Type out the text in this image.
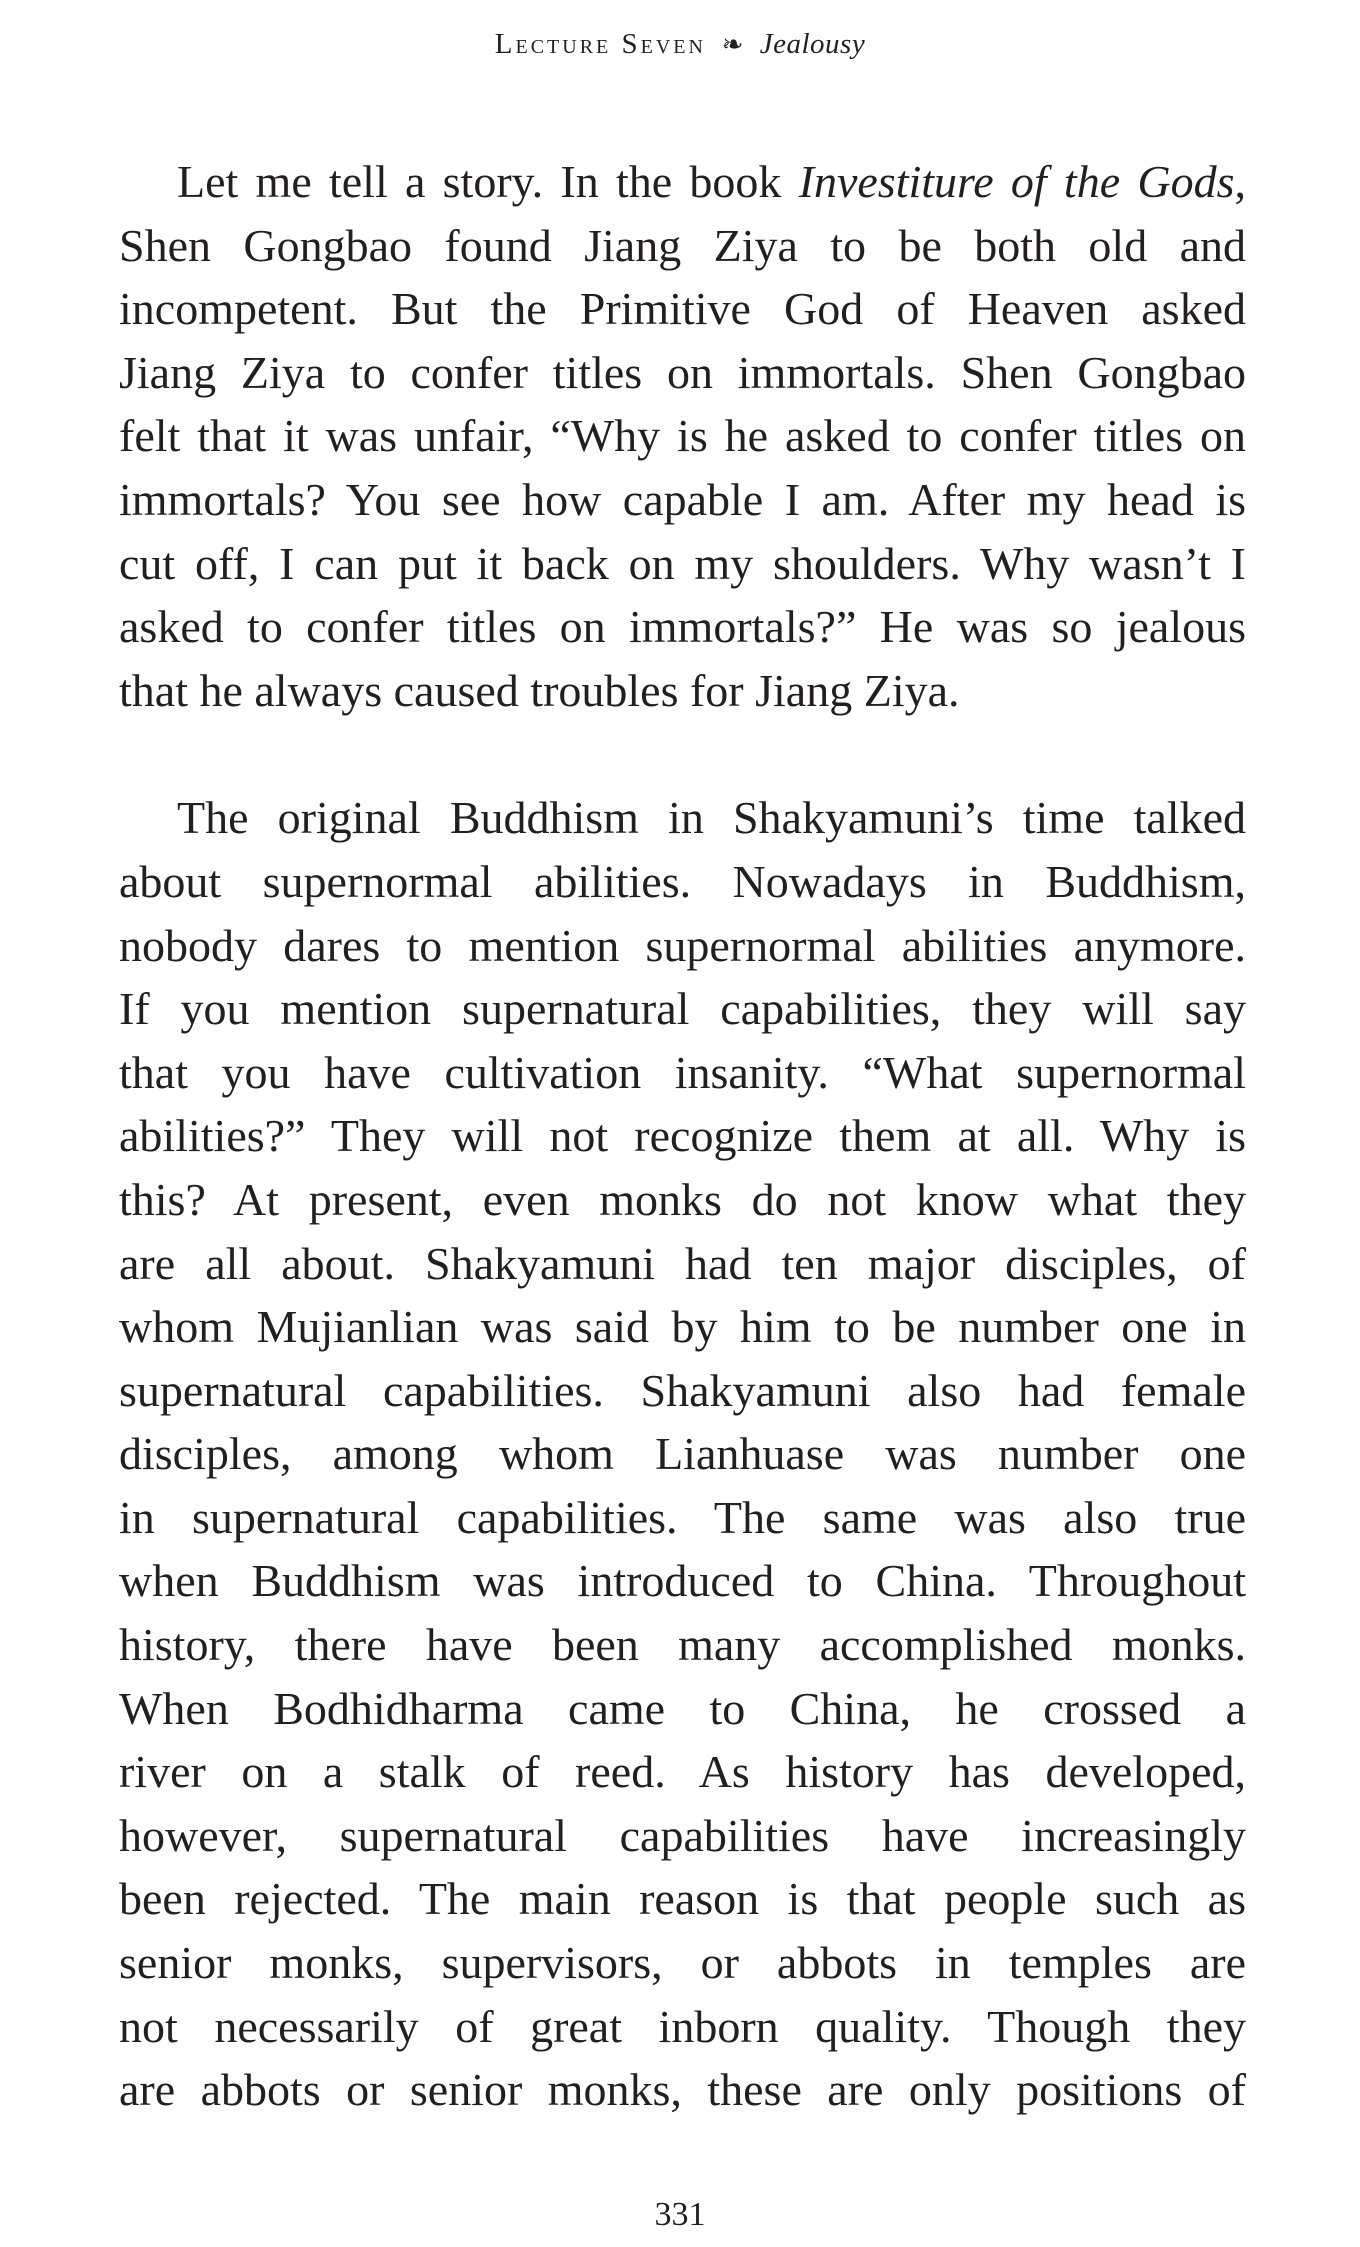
Lecture Seven ❧ Jealousy
Let me tell a story. In the book Investiture of the Gods,
Shen Gongbao found Jiang Ziya to be both old and
incompetent. But the Primitive God of Heaven asked
Jiang Ziya to confer titles on immortals. Shen Gongbao
felt that it was unfair, “Why is he asked to confer titles on
immortals? You see how capable I am. After my head is
cut off, I can put it back on my shoulders. Why wasn’t I
asked to confer titles on immortals?” He was so jealous
that he always caused troubles for Jiang Ziya.
The original Buddhism in Shakyamuni’s time talked
about supernormal abilities. Nowadays in Buddhism,
nobody dares to mention supernormal abilities anymore.
If you mention supernatural capabilities, they will say
that you have cultivation insanity. “What supernormal
abilities?” They will not recognize them at all. Why is
this? At present, even monks do not know what they
are all about. Shakyamuni had ten major disciples, of
whom Mujianlian was said by him to be number one in
supernatural capabilities. Shakyamuni also had female
disciples, among whom Lianhuase was number one
in supernatural capabilities. The same was also true
when Buddhism was introduced to China. Throughout
history, there have been many accomplished monks.
When Bodhidharma came to China, he crossed a
river on a stalk of reed. As history has developed,
however, supernatural capabilities have increasingly
been rejected. The main reason is that people such as
senior monks, supervisors, or abbots in temples are
not necessarily of great inborn quality. Though they
are abbots or senior monks, these are only positions of
331
